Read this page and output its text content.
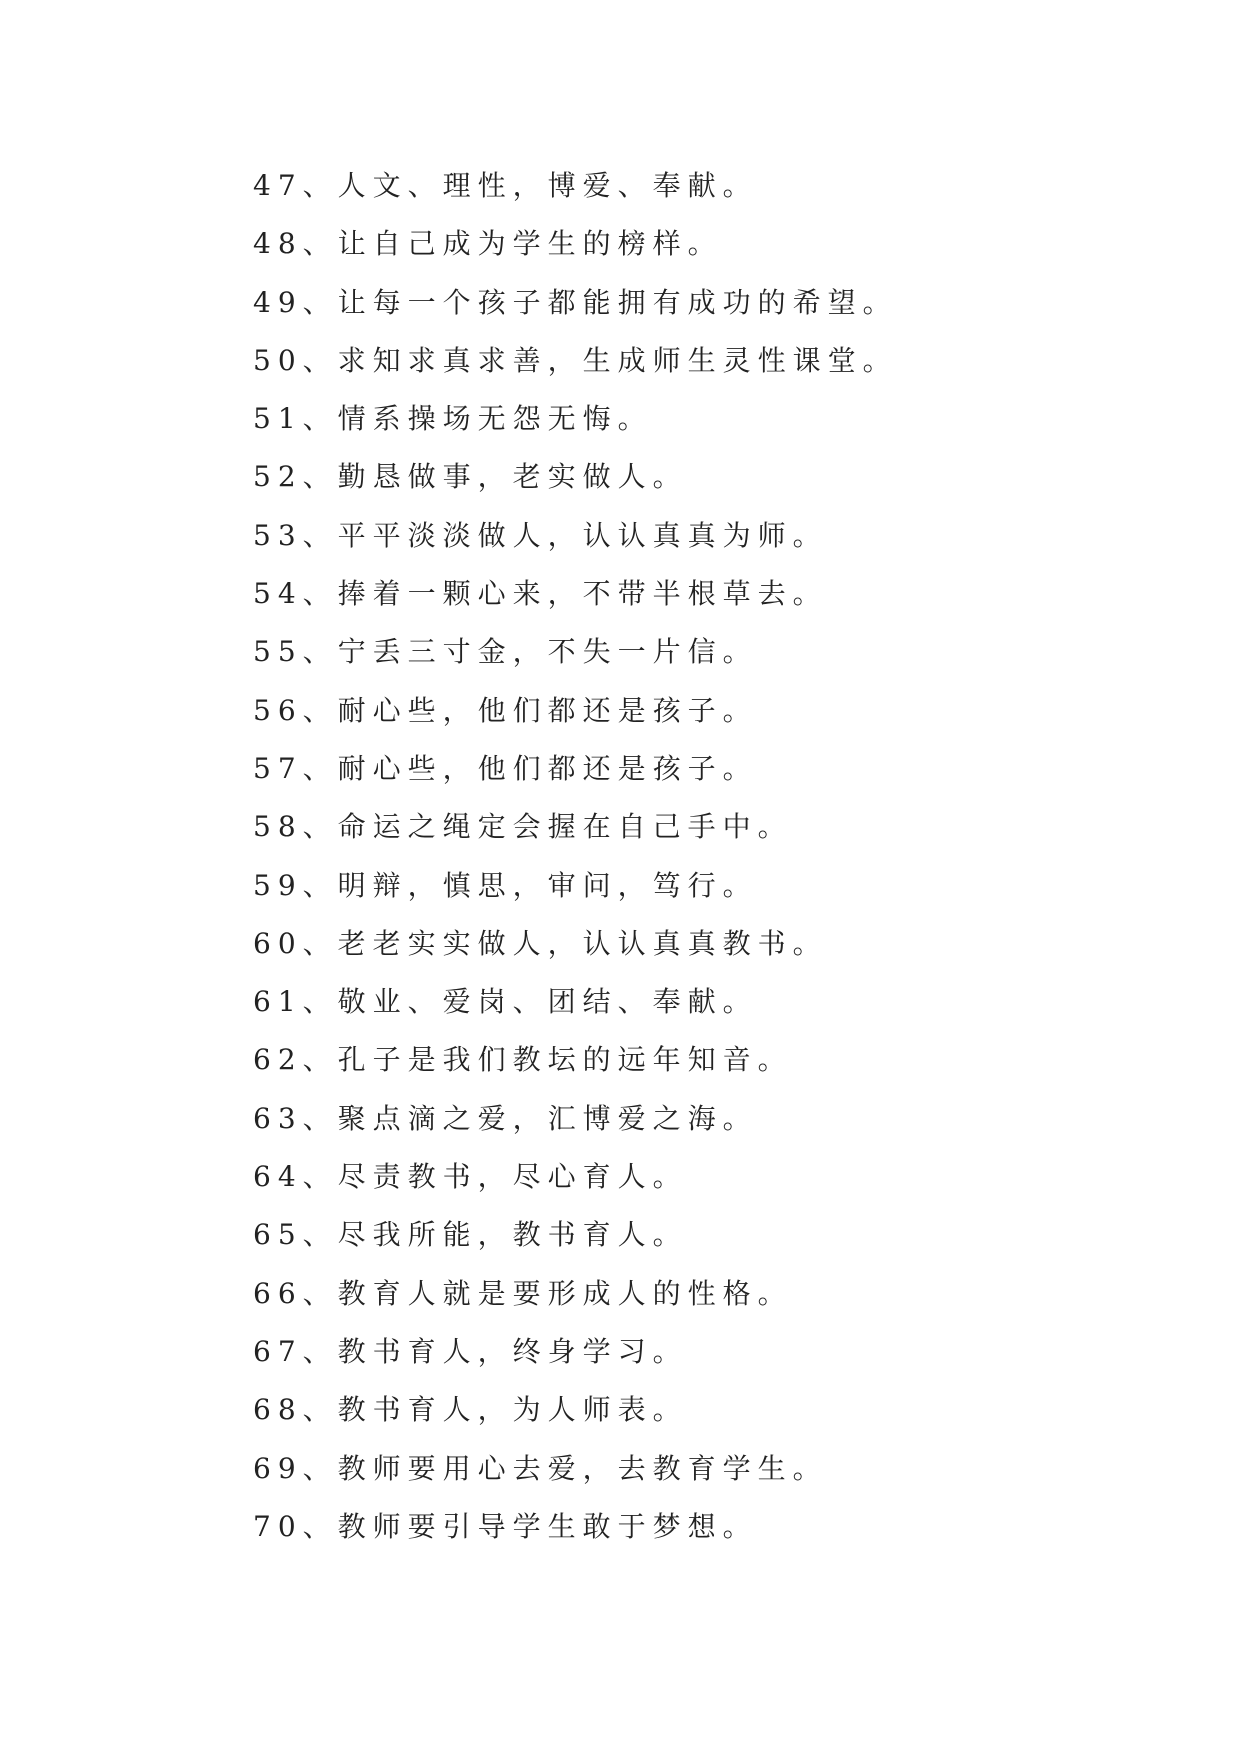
47、人文、理性，博爱、奉献。
48、让自己成为学生的榜样。
49、让每一个孩子都能拥有成功的希望。
50、求知求真求善，生成师生灵性课堂。
51、情系操场无怨无悔。
52、勤恳做事，老实做人。
53、平平淡淡做人，认认真真为师。
54、捧着一颗心来，不带半根草去。
55、宁丢三寸金，不失一片信。
56、耐心些，他们都还是孩子。
57、耐心些，他们都还是孩子。
58、命运之绳定会握在自己手中。
59、明辩，慎思，审问，笃行。
60、老老实实做人，认认真真教书。
61、敬业、爱岗、团结、奉献。
62、孔子是我们教坛的远年知音。
63、聚点滴之爱，汇博爱之海。
64、尽责教书，尽心育人。
65、尽我所能，教书育人。
66、教育人就是要形成人的性格。
67、教书育人，终身学习。
68、教书育人，为人师表。
69、教师要用心去爱，去教育学生。
70、教师要引导学生敢于梦想。
